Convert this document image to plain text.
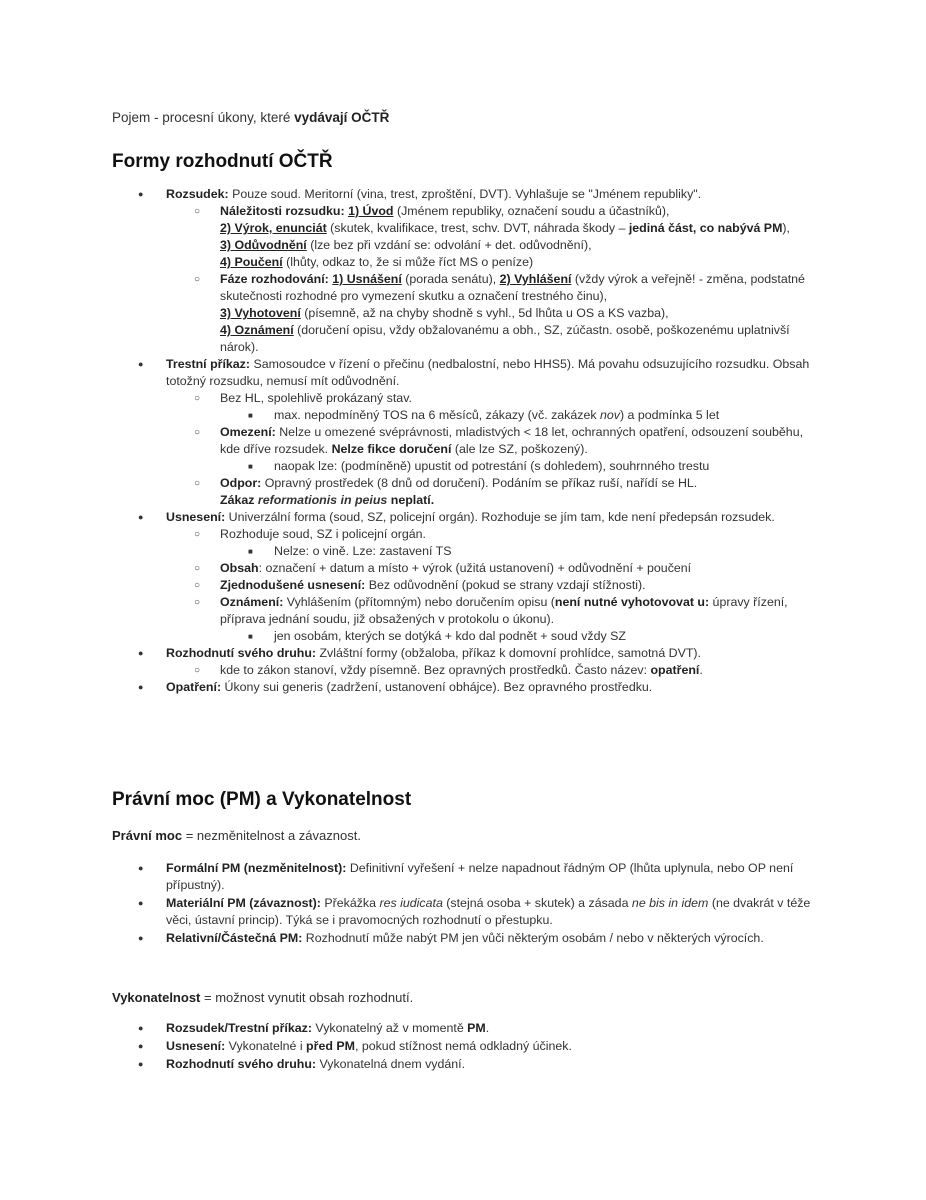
Pojem - procesní úkony, které vydávají OČTŘ
Formy rozhodnutí OČTŘ
● Rozsudek: Pouze soud. Meritorní (vina, trest, zproštění, DVT). Vyhlašuje se "Jménem republiky".
○ Náležitosti rozsudku: 1) Úvod (Jménem republiky, označení soudu a účastníků),
2) Výrok, enunciát (skutek, kvalifikace, trest, schv. DVT, náhrada škody – jediná část, co nabývá PM),
3) Odůvodnění (lze bez při vzdání se: odvolání + det. odůvodnění),
4) Poučení (lhůty, odkaz to, že si může říct MS o peníze)
○ Fáze rozhodování: 1) Usnášení (porada senátu), 2) Vyhlášení (vždy výrok a veřejně! - změna, podstatné skutečnosti rozhodné pro vymezení skutku a označení trestného činu),
3) Vyhotovení (písemně, až na chyby shodně s vyhl., 5d lhůta u OS a KS vazba),
4) Oznámení (doručení opisu, vždy obžalovanému a obh., SZ, zúčastn. osobě, poškozenému uplatnivší nárok).
● Trestní příkaz: Samosoudce v řízení o přečinu (nedbalostní, nebo HHS5). Má povahu odsuzujícího rozsudku. Obsah totožný rozsudku, nemusí mít odůvodnění.
○ Bez HL, spolehlivě prokázaný stav.
■ max. nepodmíněný TOS na 6 měsíců, zákazy (vč. zakázek nov) a podmínka 5 let
○ Omezení: Nelze u omezené svéprávnosti, mladistvých < 18 let, ochranných opatření, odsouzení souběhu, kde dříve rozsudek. Nelze fikce doručení (ale lze SZ, poškozený).
■ naopak lze: (podmíněně) upustit od potrestání (s dohledem), souhrnného trestu
○ Odpor: Opravný prostředek (8 dnů od doručení). Podáním se příkaz ruší, nařídí se HL.
Zákaz reformationis in peius neplatí.
● Usnesení: Univerzální forma (soud, SZ, policejní orgán). Rozhoduje se jím tam, kde není předepsán rozsudek.
○ Rozhoduje soud, SZ i policejní orgán.
■ Nelze: o vině. Lze: zastavení TS
○ Obsah: označení + datum a místo + výrok (užitá ustanovení) + odůvodnění + poučení
○ Zjednodušené usnesení: Bez odůvodnění (pokud se strany vzdají stížnosti).
○ Oznámení: Vyhlášením (přítomným) nebo doručením opisu (není nutné vyhotovovat u: úpravy řízení, příprava jednání soudu, již obsažených v protokolu o úkonu).
■ jen osobám, kterých se dotýká + kdo dal podnět + soud vždy SZ
● Rozhodnutí svého druhu: Zvláštní formy (obžaloba, příkaz k domovní prohlídce, samotná DVT).
○ kde to zákon stanoví, vždy písemně. Bez opravných prostředků. Často název: opatření.
● Opatření: Úkony sui generis (zadržení, ustanovení obhájce). Bez opravného prostředku.
Právní moc (PM) a Vykonatelnost
Právní moc = nezměnitelnost a závaznost.
● Formální PM (nezměnitelnost): Definitivní vyřešení + nelze napadnout řádným OP (lhůta uplynula, nebo OP není přípustný).
● Materiální PM (závaznost): Překážka res iudicata (stejná osoba + skutek) a zásada ne bis in idem (ne dvakrát v téže věci, ústavní princip). Týká se i pravomocných rozhodnutí o přestupku.
● Relativní/Částečná PM: Rozhodnutí může nabýt PM jen vůči některým osobám / nebo v některých výrocích.
Vykonatelnost = možnost vynutit obsah rozhodnutí.
● Rozsudek/Trestní příkaz: Vykonatelný až v momentě PM.
● Usnesení: Vykonatelné i před PM, pokud stížnost nemá odkladný účinek.
● Rozhodnutí svého druhu: Vykonatelná dnem vydání.
